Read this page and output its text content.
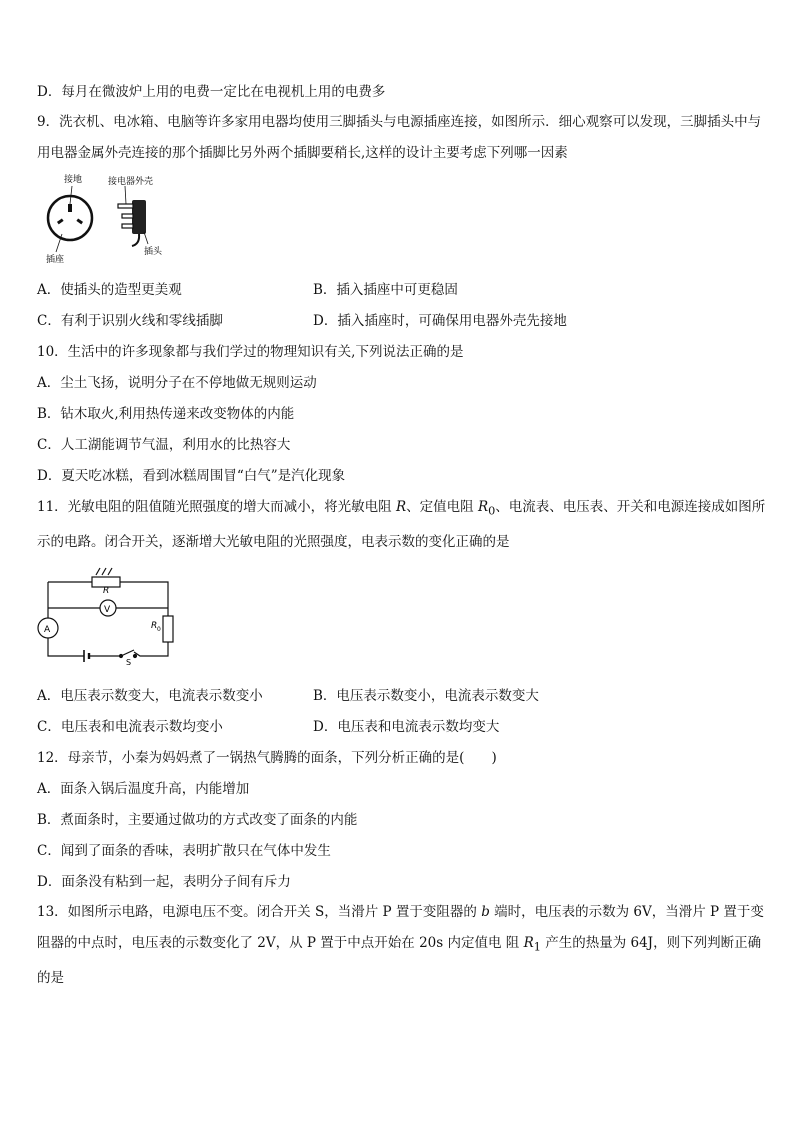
D．每月在微波炉上用的电费一定比在电视机上用的电费多
9．洗衣机、电冰箱、电脑等许多家用电器均使用三脚插头与电源插座连接，如图所示．细心观察可以发现，三脚插头中与用电器金属外壳连接的那个插脚比另外两个插脚要稍长,这样的设计主要考虑下列哪一因素
接地
插座
接电器外壳
插头
A．使插头的造型更美观	B．插入插座中可更稳固
C．有利于识别火线和零线插脚	D．插入插座时，可确保用电器外壳先接地
10．生活中的许多现象都与我们学过的物理知识有关,下列说法正确的是
A．尘土飞扬，说明分子在不停地做无规则运动
B．钻木取火,利用热传递来改变物体的内能
C．人工湖能调节气温，利用水的比热容大
D．夏天吃冰糕，看到冰糕周围冒“白气”是汽化现象
11．光敏电阻的阻值随光照强度的增大而减小，将光敏电阻 R、定值电阻 $R_0$、电流表、电压表、开关和电源连接成如图所示的电路。闭合开关，逐渐增大光敏电阻的光照强度，电表示数的变化正确的是
R
V
A	R 0
S
A．电压表示数变大，电流表示数变小	B．电压表示数变小，电流表示数变大
C．电压表和电流表示数均变小	D．电压表和电流表示数均变大
12．母亲节，小秦为妈妈煮了一锅热气腾腾的面条，下列分析正确的是(　　)
A．面条入锅后温度升高，内能增加
B．煮面条时，主要通过做功的方式改变了面条的内能
C．闻到了面条的香味，表明扩散只在气体中发生
D．面条没有粘到一起，表明分子间有斥力
13．如图所示电路，电源电压不变。闭合开关 S，当滑片 P 置于变阻器的 b 端时，电压表的示数为 6V，当滑片 P 置于变阻器的中点时，电压表的示数变化了 2V，从 P 置于中点开始在 20s 内定值电 阻 $R_1$ 产生的热量为 64J，则下列判断正确的是
